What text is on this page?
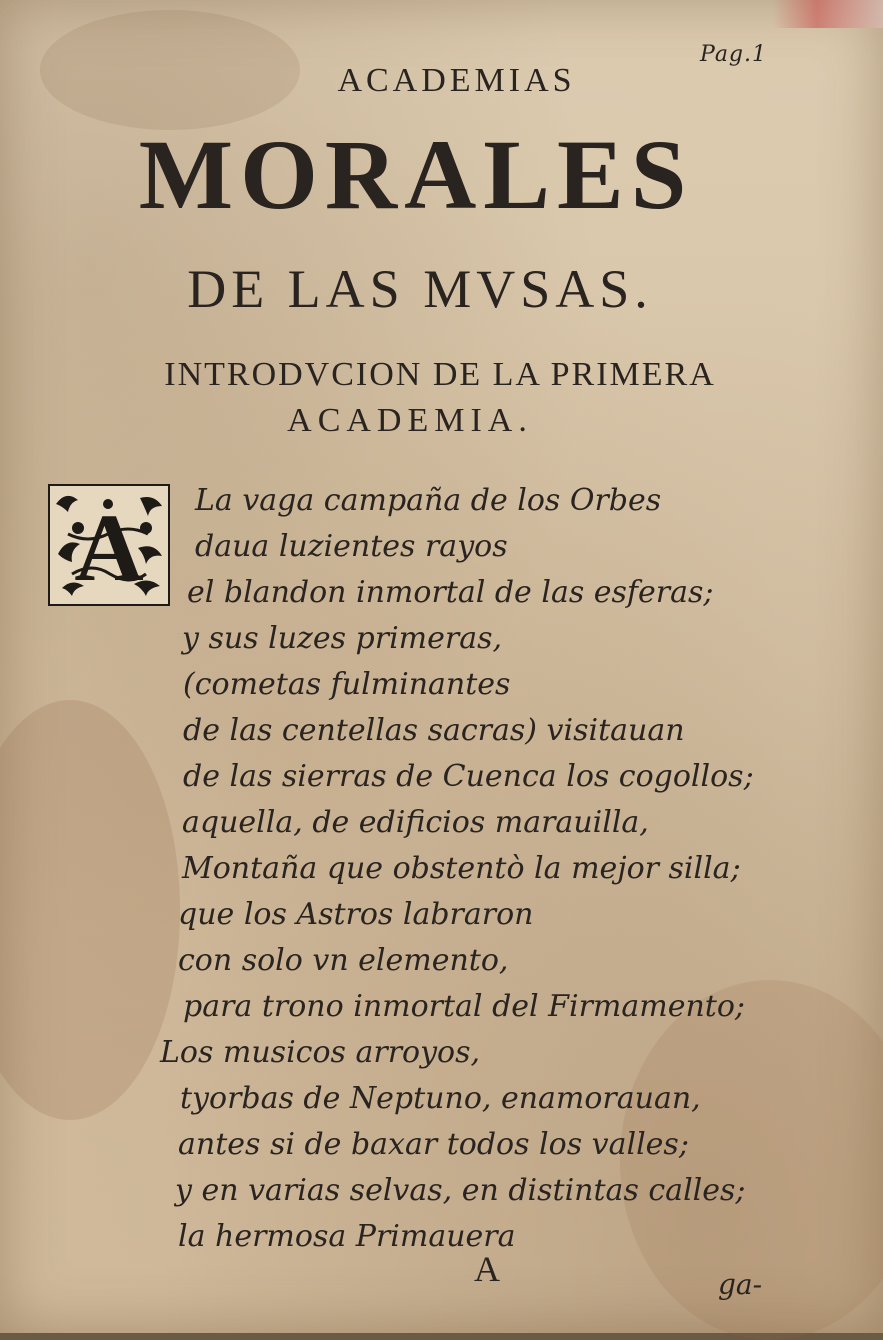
Pag.1
ACADEMIAS
MORALES
DE LAS MVSAS.
INTRODVCION DE LA PRIMERA
ACADEMIA.
A La vaga campaña de los Orbes
daua luzientes rayos
el blandon inmortal de las esferas;
y sus luzes primeras,
(cometas fulminantes
de las centellas sacras) visitauan
de las sierras de Cuenca los cogollos;
aquella, de edificios marauilla,
Montaña que obstentò la mejor silla;
que los Astros labraron
con solo vn elemento,
para trono inmortal del Firmamento;
Los musicos arroyos,
tyorbas de Neptuno, enamorauan,
antes si de baxar todos los valles;
y en varias selvas, en distintas calles;
la hermosa Primauera
A	ga-
